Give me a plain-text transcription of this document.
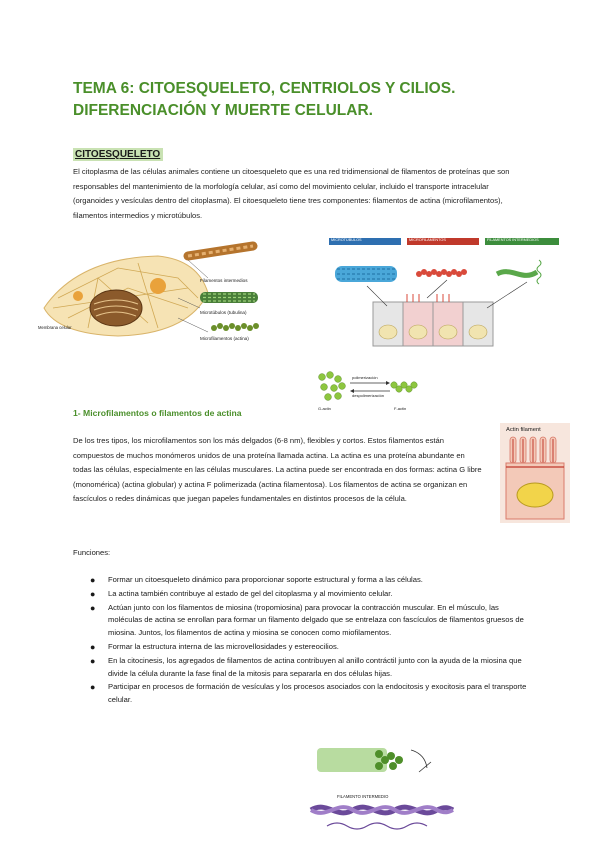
TEMA 6: CITOESQUELETO, CENTRIOLOS Y CILIOS.
DIFERENCIACIÓN Y MUERTE CELULAR.
CITOESQUELETO

El citoplasma de las células animales contiene un citoesqueleto que es una red tridimensional de filamentos de proteínas que son responsables del mantenimiento de la morfología celular, así como del movimiento celular, incluido el transporte intracelular (organoides y vesículas dentro del citoplasma). El citoesqueleto tiene tres componentes: filamentos de actina (microfilamentos), filamentos intermedios y microtúbulos.

Filamentos intermedios
Microtúbulos (tubulina)
Microfilamentos (actina)
Membrana celular
MICROTÚBULOS	MICROFILAMENTOS	FILAMENTOS INTERMEDIOS
polimerización
despolimerización
G-actin	F-actin
1- Microfilamentos o filamentos de actina

De los tres tipos, los microfilamentos son los más delgados (6-8 nm), flexibles y cortos. Estos filamentos están compuestos de muchos monómeros unidos de una proteína llamada actina. La actina es una proteína abundante en todas las células, especialmente en las células musculares. La actina puede ser encontrada en dos formas: actina G libre (monomérica) (actina globular) y actina F polimerizada (actina filamentosa). Los filamentos de actina se organizan en fascículos o redes dinámicas que juegan papeles fundamentales en distintos procesos de la célula.

Actin filament

Funciones:

● Formar un citoesqueleto dinámico para proporcionar soporte estructural y forma a las células.
● La actina también contribuye al estado de gel del citoplasma y al movimiento celular.
● Actúan junto con los filamentos de miosina (tropomiosina) para provocar la contracción muscular. En el músculo, las moléculas de actina se enrollan para formar un filamento delgado que se entrelaza con fascículos de filamentos gruesos de miosina. Juntos, los filamentos de actina y miosina se conocen como miofilamentos.
● Formar la estructura interna de las microvellosidades y estereocilios.
● En la citocinesis, los agregados de filamentos de actina contribuyen al anillo contráctil junto con la ayuda de la miosina que divide la célula durante la fase final de la mitosis para separarla en dos células hijas.
● Participar en procesos de formación de vesículas y los procesos asociados con la endocitosis y exocitosis para el transporte celular.
FILAMENTO INTERMEDIO
